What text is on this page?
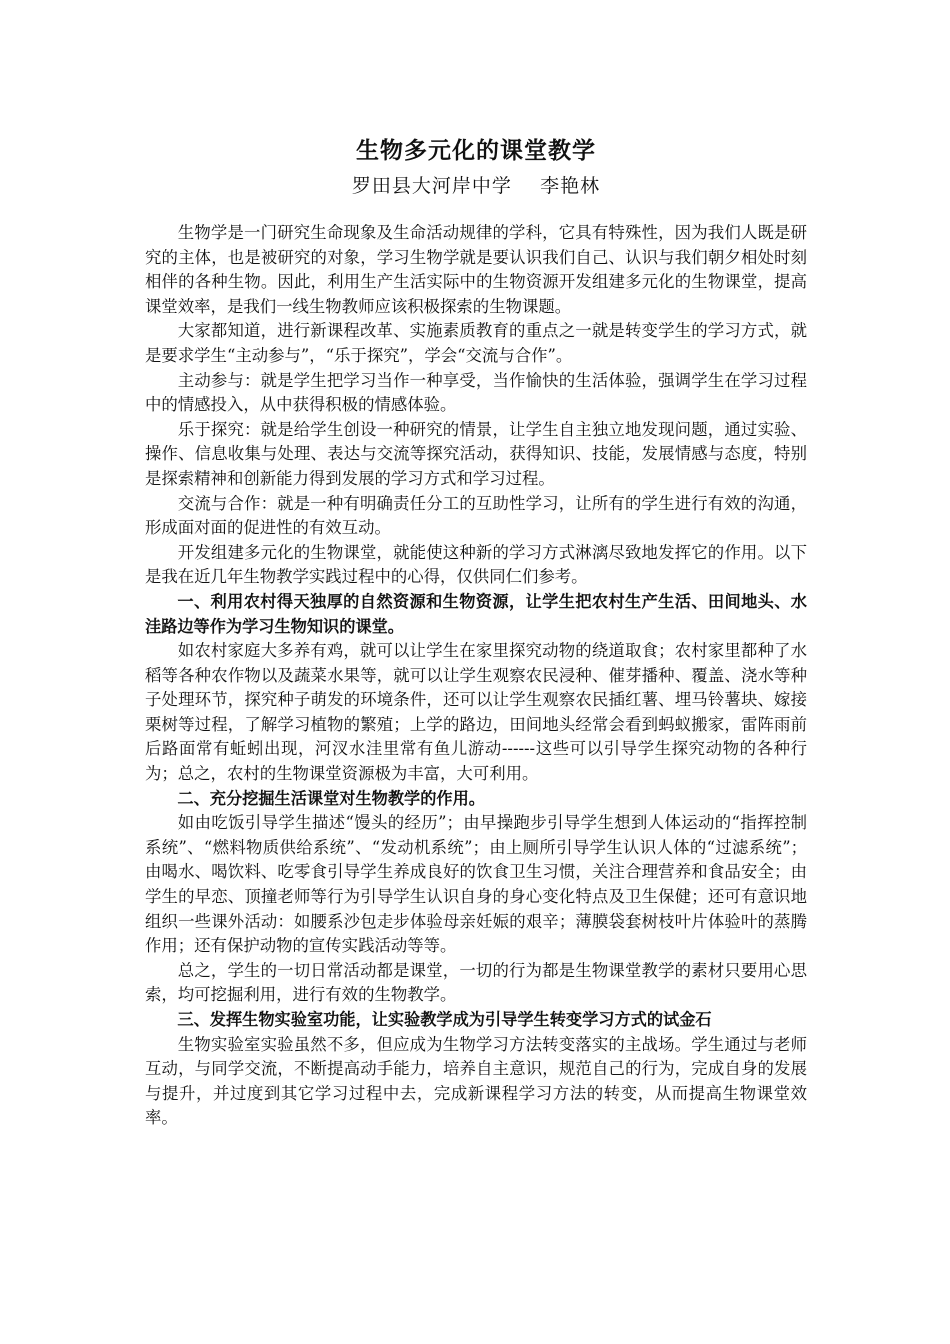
生物多元化的课堂教学
罗田县大河岸中学    李艳林

生物学是一门研究生命现象及生命活动规律的学科，它具有特殊性，因为我们人既是研究的主体，也是被研究的对象，学习生物学就是要认识我们自己、认识与我们朝夕相处时刻相伴的各种生物。因此，利用生产生活实际中的生物资源开发组建多元化的生物课堂，提高课堂效率，是我们一线生物教师应该积极探索的生物课题。

大家都知道，进行新课程改革、实施素质教育的重点之一就是转变学生的学习方式，就是要求学生“主动参与”，“乐于探究”，学会“交流与合作”。

主动参与：就是学生把学习当作一种享受，当作愉快的生活体验，强调学生在学习过程中的情感投入，从中获得积极的情感体验。

乐于探究：就是给学生创设一种研究的情景，让学生自主独立地发现问题，通过实验、操作、信息收集与处理、表达与交流等探究活动，获得知识、技能，发展情感与态度，特别是探索精神和创新能力得到发展的学习方式和学习过程。

交流与合作：就是一种有明确责任分工的互助性学习，让所有的学生进行有效的沟通，形成面对面的促进性的有效互动。

开发组建多元化的生物课堂，就能使这种新的学习方式淋漓尽致地发挥它的作用。以下是我在近几年生物教学实践过程中的心得，仅供同仁们参考。

一、利用农村得天独厚的自然资源和生物资源，让学生把农村生产生活、田间地头、水洼路边等作为学习生物知识的课堂。

如农村家庭大多养有鸡，就可以让学生在家里探究动物的绕道取食；农村家里都种了水稻等各种农作物以及蔬菜水果等，就可以让学生观察农民浸种、催芽播种、覆盖、浇水等种子处理环节，探究种子萌发的环境条件，还可以让学生观察农民插红薯、埋马铃薯块、嫁接栗树等过程，了解学习植物的繁殖；上学的路边，田间地头经常会看到蚂蚁搬家，雷阵雨前后路面常有蚯蚓出现，河汊水洼里常有鱼儿游动------这些可以引导学生探究动物的各种行为；总之，农村的生物课堂资源极为丰富，大可利用。

二、充分挖掘生活课堂对生物教学的作用。

如由吃饭引导学生描述“馒头的经历”；由早操跑步引导学生想到人体运动的“指挥控制系统”、“燃料物质供给系统”、“发动机系统”；由上厕所引导学生认识人体的“过滤系统”；由喝水、喝饮料、吃零食引导学生养成良好的饮食卫生习惯，关注合理营养和食品安全；由学生的早恋、顶撞老师等行为引导学生认识自身的身心变化特点及卫生保健；还可有意识地组织一些课外活动：如腰系沙包走步体验母亲妊娠的艰辛；薄膜袋套树枝叶片体验叶的蒸腾作用；还有保护动物的宣传实践活动等等。

总之，学生的一切日常活动都是课堂，一切的行为都是生物课堂教学的素材只要用心思索，均可挖掘利用，进行有效的生物教学。

三、发挥生物实验室功能，让实验教学成为引导学生转变学习方式的试金石

生物实验室实验虽然不多，但应成为生物学习方法转变落实的主战场。学生通过与老师互动，与同学交流，不断提高动手能力，培养自主意识，规范自己的行为，完成自身的发展与提升，并过度到其它学习过程中去，完成新课程学习方法的转变，从而提高生物课堂效率。
